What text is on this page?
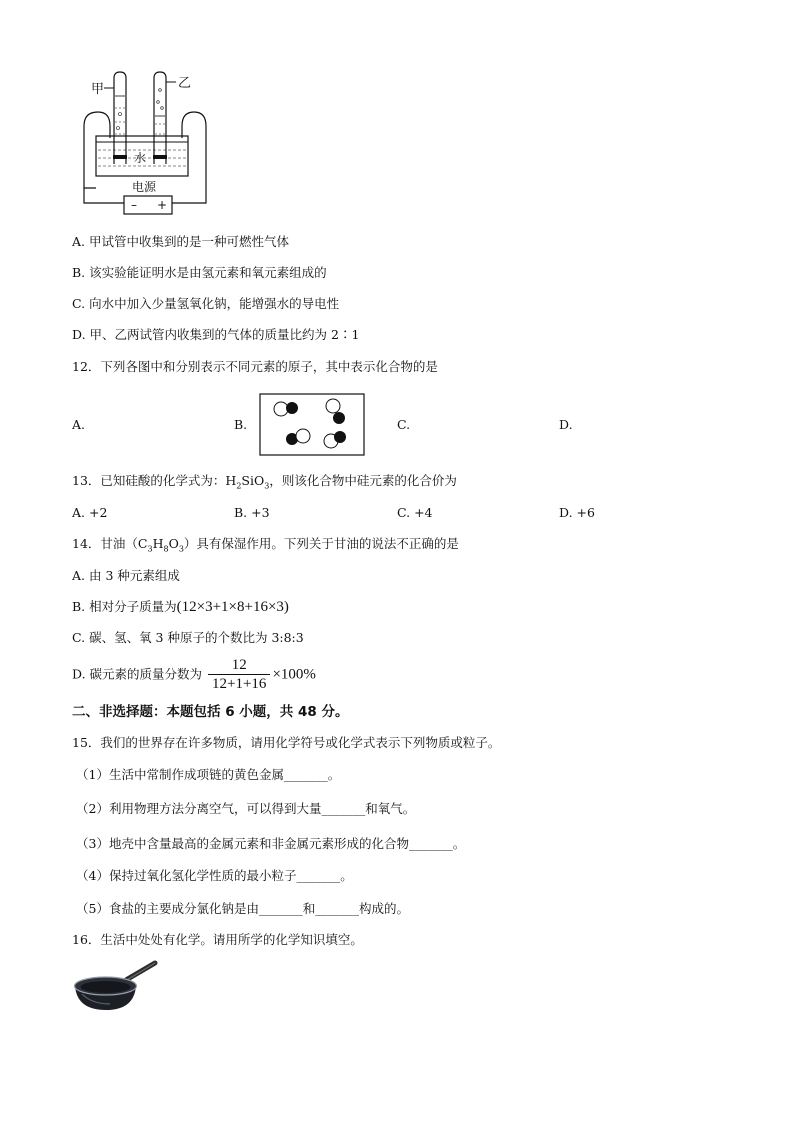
甲	乙
水
电源
– +
A. 甲试管中收集到的是一种可燃性气体
B. 该实验能证明水是由氢元素和氧元素组成的
C. 向水中加入少量氢氧化钠，能增强水的导电性
D. 甲、乙两试管内收集到的气体的质量比约为 2∶1
12．下列各图中和分别表示不同元素的原子，其中表示化合物的是
A.	B.	C.	D.
13．已知硅酸的化学式为：$H_2SiO_3$，则该化合物中硅元素的化合价为
A. +2	B. +3	C. +4	D. +6
14．甘油$(C_3H_8O_3)$具有保湿作用。下列关于甘油的说法不正确的是
A. 由 3 种元素组成
B. 相对分子质量为(12×3+1×8+16×3)
C. 碳、氢、氧 3 种原子的个数比为 3:8:3
D. 碳元素的质量分数为 $\frac{12}{12+1+16} \times 100\%$
二、非选择题：本题包括 6 小题，共 48 分。
15．我们的世界存在许多物质，请用化学符号或化学式表示下列物质或粒子。
（1）生活中常制作成项链的黄色金属_______。
（2）利用物理方法分离空气，可以得到大量_______和氧气。
（3）地壳中含量最高的金属元素和非金属元素形成的化合物_______。
（4）保持过氧化氢化学性质的最小粒子_______。
（5）食盐的主要成分氯化钠是由_______和_______构成的。
16．生活中处处有化学。请用所学的化学知识填空。
